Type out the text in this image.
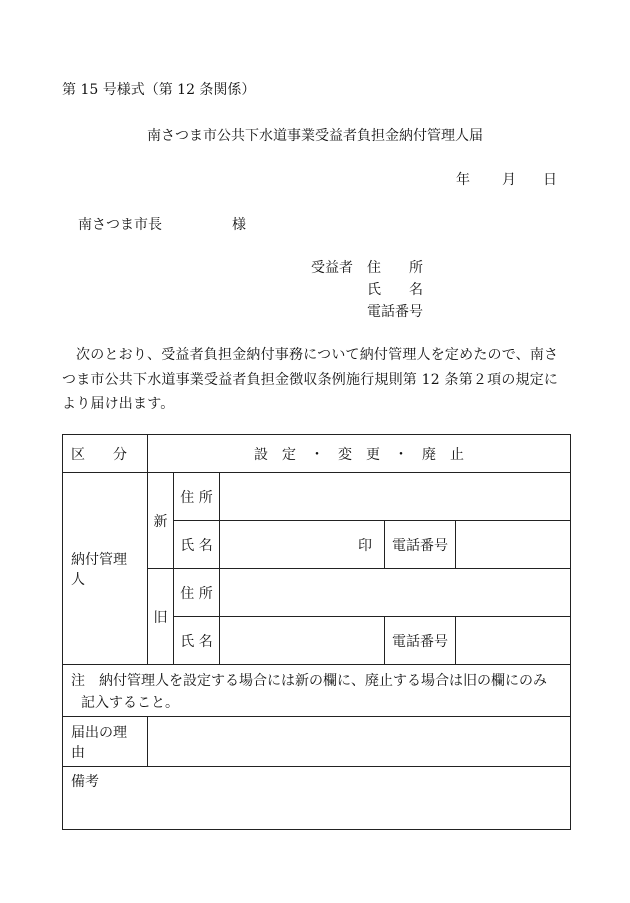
第 15 号様式（第 12 条関係）
南さつま市公共下水道事業受益者負担金納付管理人届
年 月 日
南さつま市長	様
受益者 住　　所
氏　　名
電話番号
次のとおり、受益者負担金納付事務について納付管理人を定めたので、南さつま市公共下水道事業受益者負担金徴収条例施行規則第 12 条第２項の規定により届け出ます。
区　　分	設　定　・　変　更　・　廃　止				
納付管理人	新	住 所			
		氏 名	印	電話番号	
	旧	住 所			
		氏 名		電話番号	
注　納付管理人を設定する場合には新の欄に、廃止する場合は旧の欄にのみ
記入すること。					

届出の理由					
備考					
